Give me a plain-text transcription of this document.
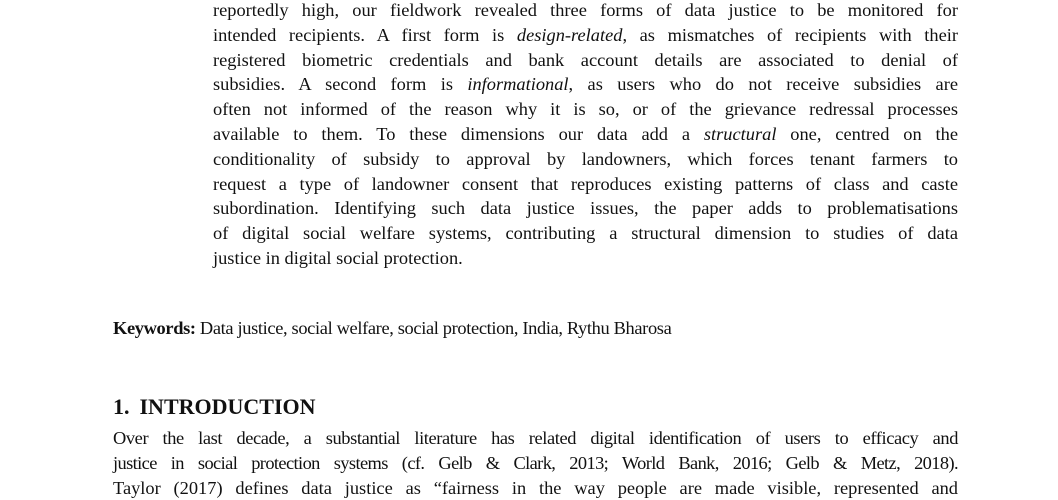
reportedly high, our fieldwork revealed three forms of data justice to be monitored for
intended recipients. A first form is design-related, as mismatches of recipients with their
registered biometric credentials and bank account details are associated to denial of
subsidies. A second form is informational, as users who do not receive subsidies are
often not informed of the reason why it is so, or of the grievance redressal processes
available to them. To these dimensions our data add a structural one, centred on the
conditionality of subsidy to approval by landowners, which forces tenant farmers to
request a type of landowner consent that reproduces existing patterns of class and caste
subordination. Identifying such data justice issues, the paper adds to problematisations
of digital social welfare systems, contributing a structural dimension to studies of data
justice in digital social protection.
Keywords: Data justice, social welfare, social protection, India, Rythu Bharosa
1. INTRODUCTION
Over the last decade, a substantial literature has related digital identification of users to efficacy and
justice in social protection systems (cf. Gelb & Clark, 2013; World Bank, 2016; Gelb & Metz, 2018).
Taylor (2017) defines data justice as “fairness in the way people are made visible, represented and
